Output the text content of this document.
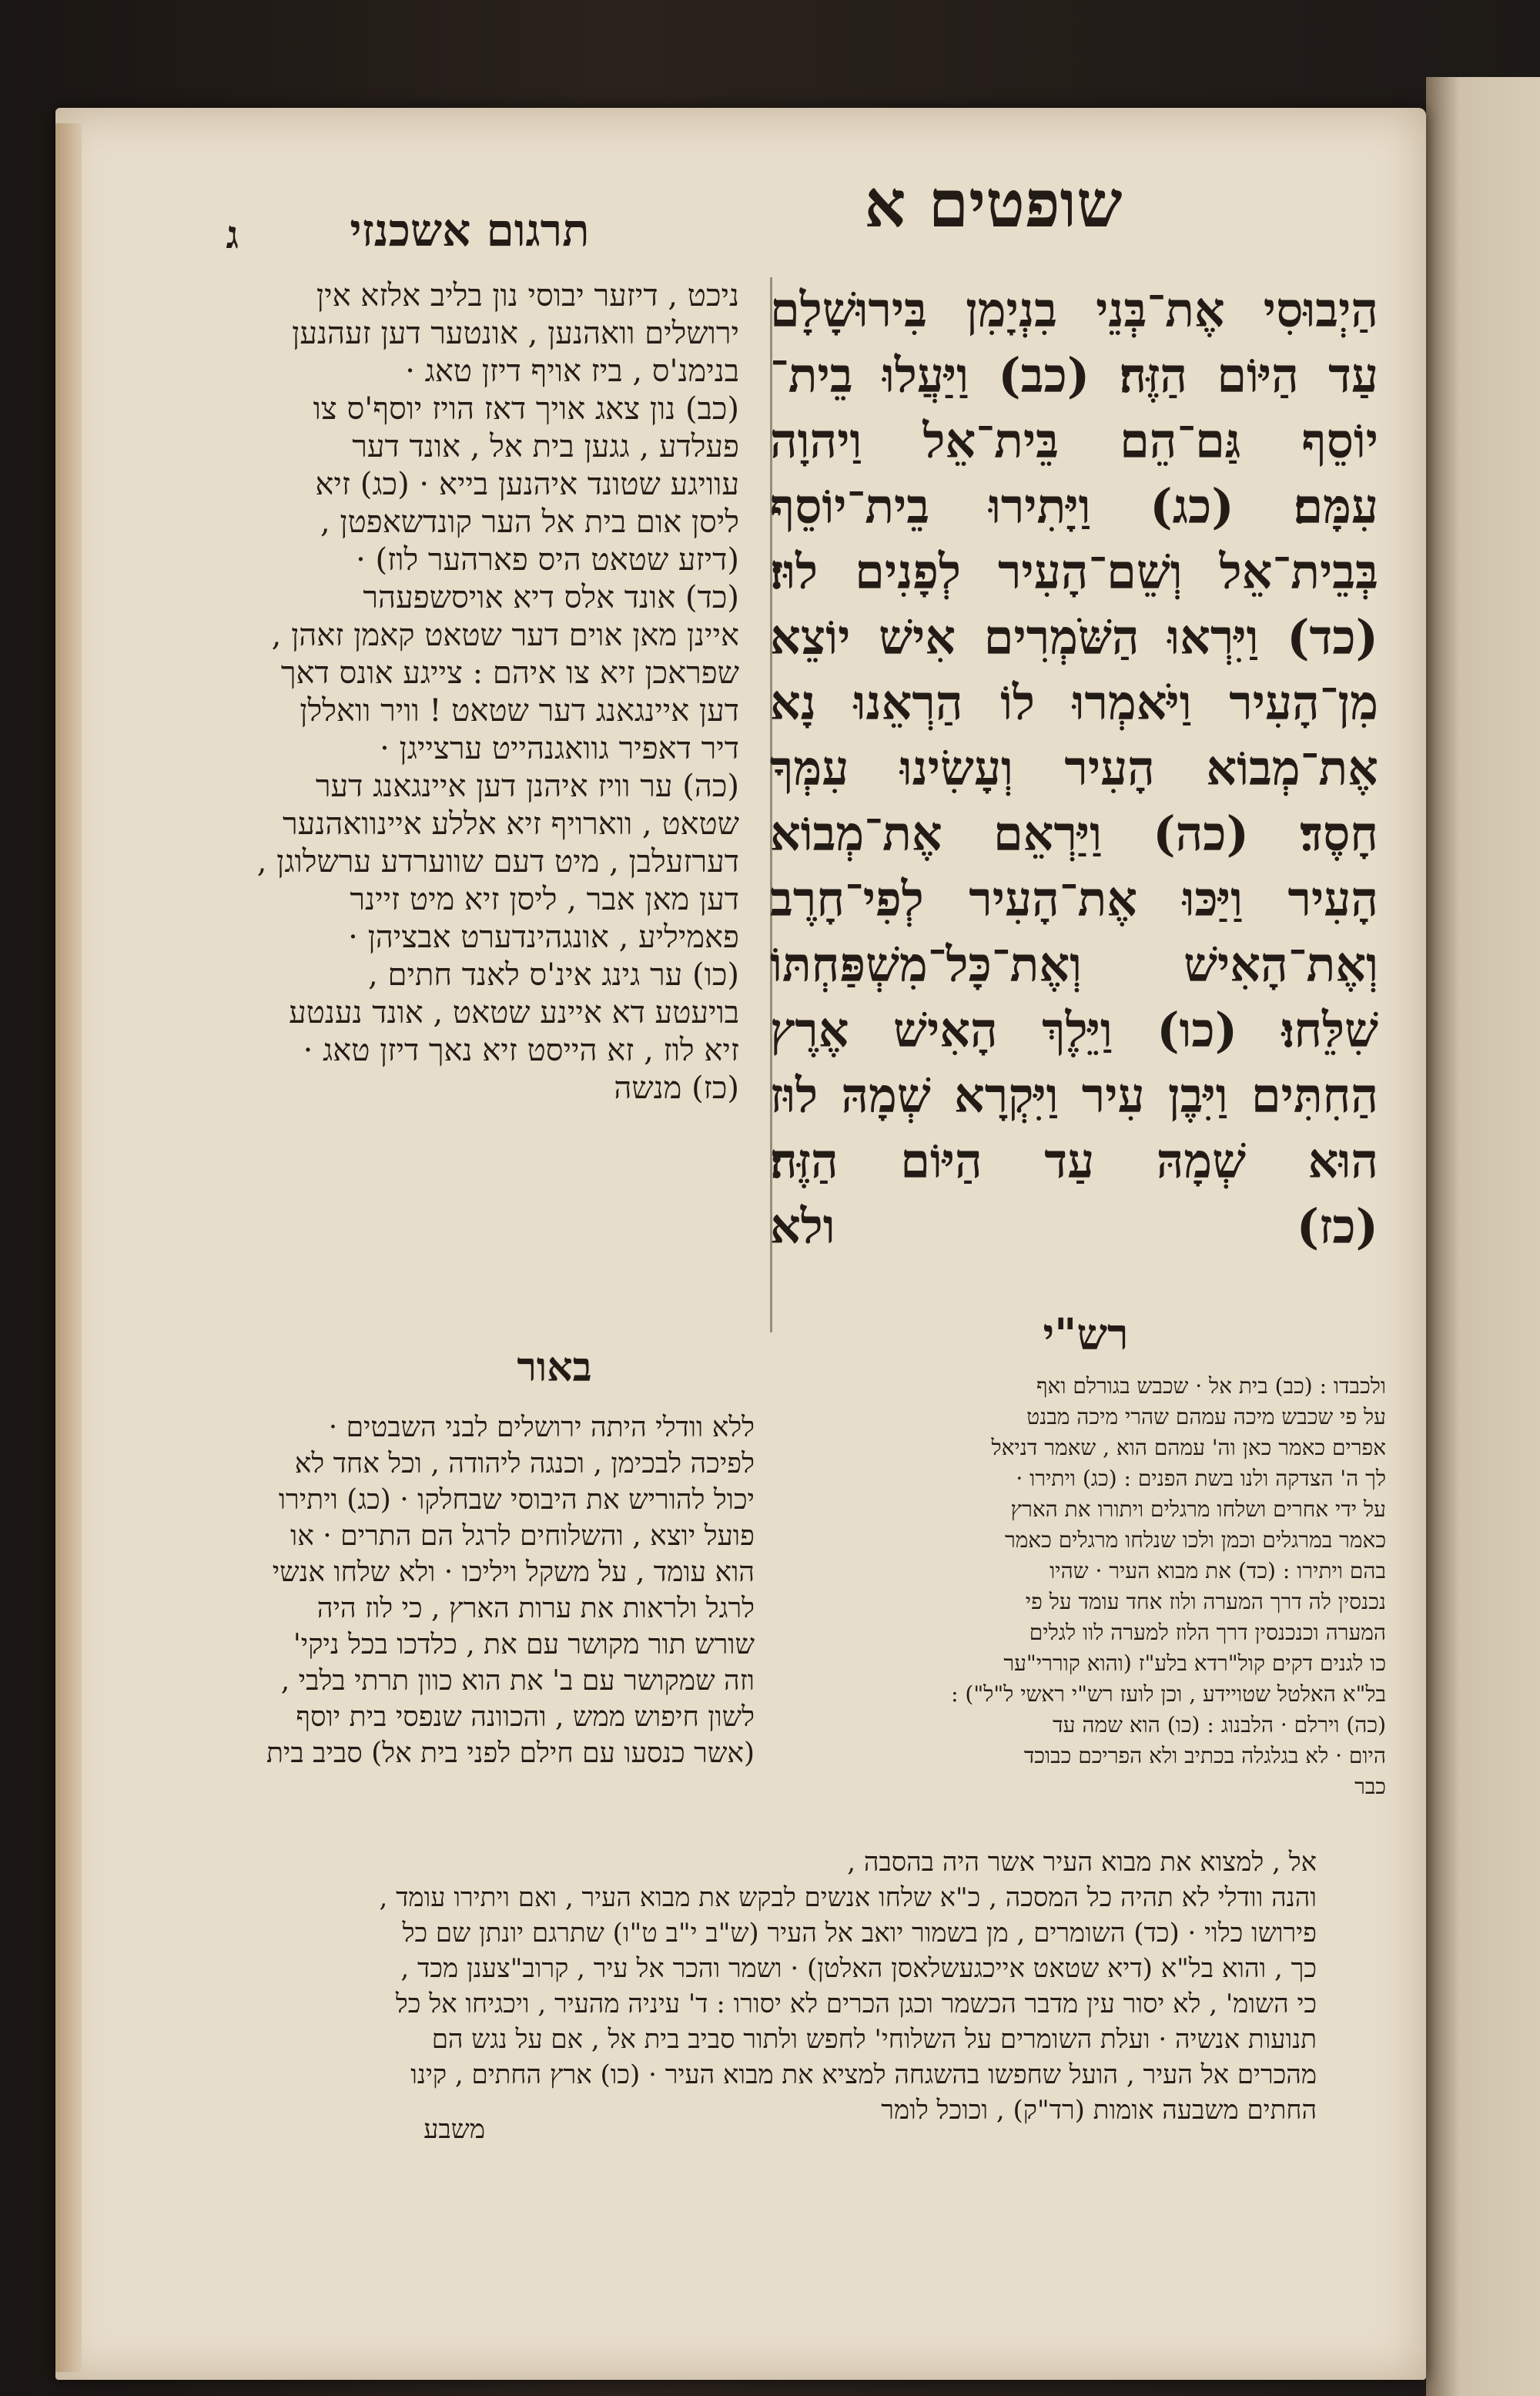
תרגום אשכנזי
ג	שופטים א
הַיְבוּסִי אֶת־בְּנֵי בִנְיָמִן בִּירוּשָׁלָם
עַד הַיּוֹם הַזֶּה׃ (כב) וַיַּעֲלוּ בֵית־
יוֹסֵף גַּם־הֵם בֵּית־אֵל וַיהוָה
עִמָּם׃ (כג) וַיָּתִירוּ בֵית־יוֹסֵף
בְּבֵית־אֵל וְשֵׁם־הָעִיר לְפָנִים לוּז׃
(כד) וַיִּרְאוּ הַשֹּׁמְרִים אִישׁ יוֹצֵא
מִן־הָעִיר וַיֹּאמְרוּ לוֹ הַרְאֵנוּ נָא
אֶת־מְבוֹא הָעִיר וְעָשִׂינוּ עִמְּךָ
חָסֶד׃ (כה) וַיַּרְאֵם אֶת־מְבוֹא
הָעִיר וַיַּכּוּ אֶת־הָעִיר לְפִי־חָרֶב
וְאֶת־הָאִישׁ וְאֶת־כָּל־מִשְׁפַּחְתּוֹ
שִׁלֵּחוּ׃ (כו) וַיֵּלֶךְ הָאִישׁ אֶרֶץ
הַחִתִּים וַיִּבֶן עִיר וַיִּקְרָא שְׁמָהּ לוּז
הוּא שְׁמָהּ עַד הַיּוֹם הַזֶּה׃
(כז) ולא
ניכט , דיזער יבוסי נון בליב אלזא אין
ירושלים וואהנען , אונטער דען זעהנען
בנימנ'ס , ביז אויף דיזן טאג ·
(כב) נון צאג אויך דאז הויז יוסף'ס צו
פעלדע , גגען בית אל , אונד דער
עוויגע שטונד איהנען בייא · (כג) זיא
ליסן אום בית אל הער קונדשאפטן ,
(דיזע שטאט היס פארהער לוז) ·
(כד) אונד אלס דיא אויסשפעהר
איינן מאן אוים דער שטאט קאמן זאהן ,
שפראכן זיא צו איהם : צייגע אונס דאך
דען איינגאנג דער שטאט ! וויר וואללן
דיר דאפיר גוואגנהייט ערצייגן ·
(כה) ער וויז איהנן דען איינגאנג דער
שטאט , ווארויף זיא אללע איינוואהנער
דערזעלבן , מיט דעם שווערדע ערשלוגן ,
דען מאן אבר , ליסן זיא מיט זיינר
פאמיליע , אונגהינדערט אבציהן ·
(כו) ער גינג אינ'ס לאנד חתים ,
בויעטע דא איינע שטאט , אונד נענטע
זיא לוז , זא הייסט זיא נאך דיזן טאג ·
(כז) מנשה
רש"י
באור	ולכבדו : (כב) בית אל · שכבש בגורלם ואף
על פי שכבש מיכה עמהם שהרי מיכה מבנט
אפרים כאמר כאן וה' עמהם הוא , שאמר דניאל
לך ה' הצדקה ולנו בשת הפנים : (כג) ויתירו ·
על ידי אחרים ושלחו מרגלים ויתורו את הארץ
כאמר במרגלים וכמן ולכו שנלחו מרגלים כאמר
בהם ויתירו : (כד) את מבוא העיר · שהיו
נכנסין לה דרך המערה ולוז אחד עומד על פי
המערה וכנכנסין דרך הלוז למערה לוו לגלים
כו לגנים דקים קול"רדא בלע"ז (והוא קוררי"ער
בל"א האלטל שטויידע , וכן לועז רש"י ראשי ל"ל") :
(כה) וירלם · הלבנוג : (כו) הוא שמה עד
היום · לא בגלגלה בכתיב ולא הפריכם כבוכד
כבר
ללא וודלי היתה ירושלים לבני השבטים ·
לפיכה לבכימן , וכנגה ליהודה , וכל אחד לא
יכול להוריש את היבוסי שבחלקו · (כג) ויתירו
פועל יוצא , והשלוחים לרגל הם התרים · או
הוא עומד , על משקל ויליכו · ולא שלחו אנשי
לרגל ולראות את ערות הארץ , כי לוז היה
שורש תור מקושר עם את , כלדכו בכל ניקי'
וזה שמקושר עם ב' את הוא כוון תרתי בלבי ,
לשון חיפוש ממש , והכוונה שנפסי בית יוסף
(אשר כנסעו עם חילם לפני בית אל) סביב בית
אל , למצוא את מבוא העיר אשר היה בהסבה ,
והנה וודלי לא תהיה כל המסכה , כ"א שלחו אנשים לבקש את מבוא העיר , ואם ויתירו עומד ,
פירושו כלוי · (כד) השומרים , מן בשמור יואב אל העיר (ש"ב י"ב ט"ו) שתרגם יונתן שם כל
כך , והוא בל"א (דיא שטאט אייכגעשלאסן האלטן) · ושמר והכר אל עיר , קרוב"צענן מכד ,
כי השומ' , לא יסור עין מדבר הכשמר וכגן הכרים לא יסורו : ד' עיניה מהעיר , ויכגיחו אל כל
תנועות אנשיה · ועלת השומרים על השלוחי' לחפש ולתור סביב בית אל , אם על נגש הם
מהכרים אל העיר , הועל שחפשו בהשגחה למציא את מבוא העיר · (כו) ארץ החתים , קינו
החתים משבעה אומות (רד"ק) , וכוכל לומר
משבע
